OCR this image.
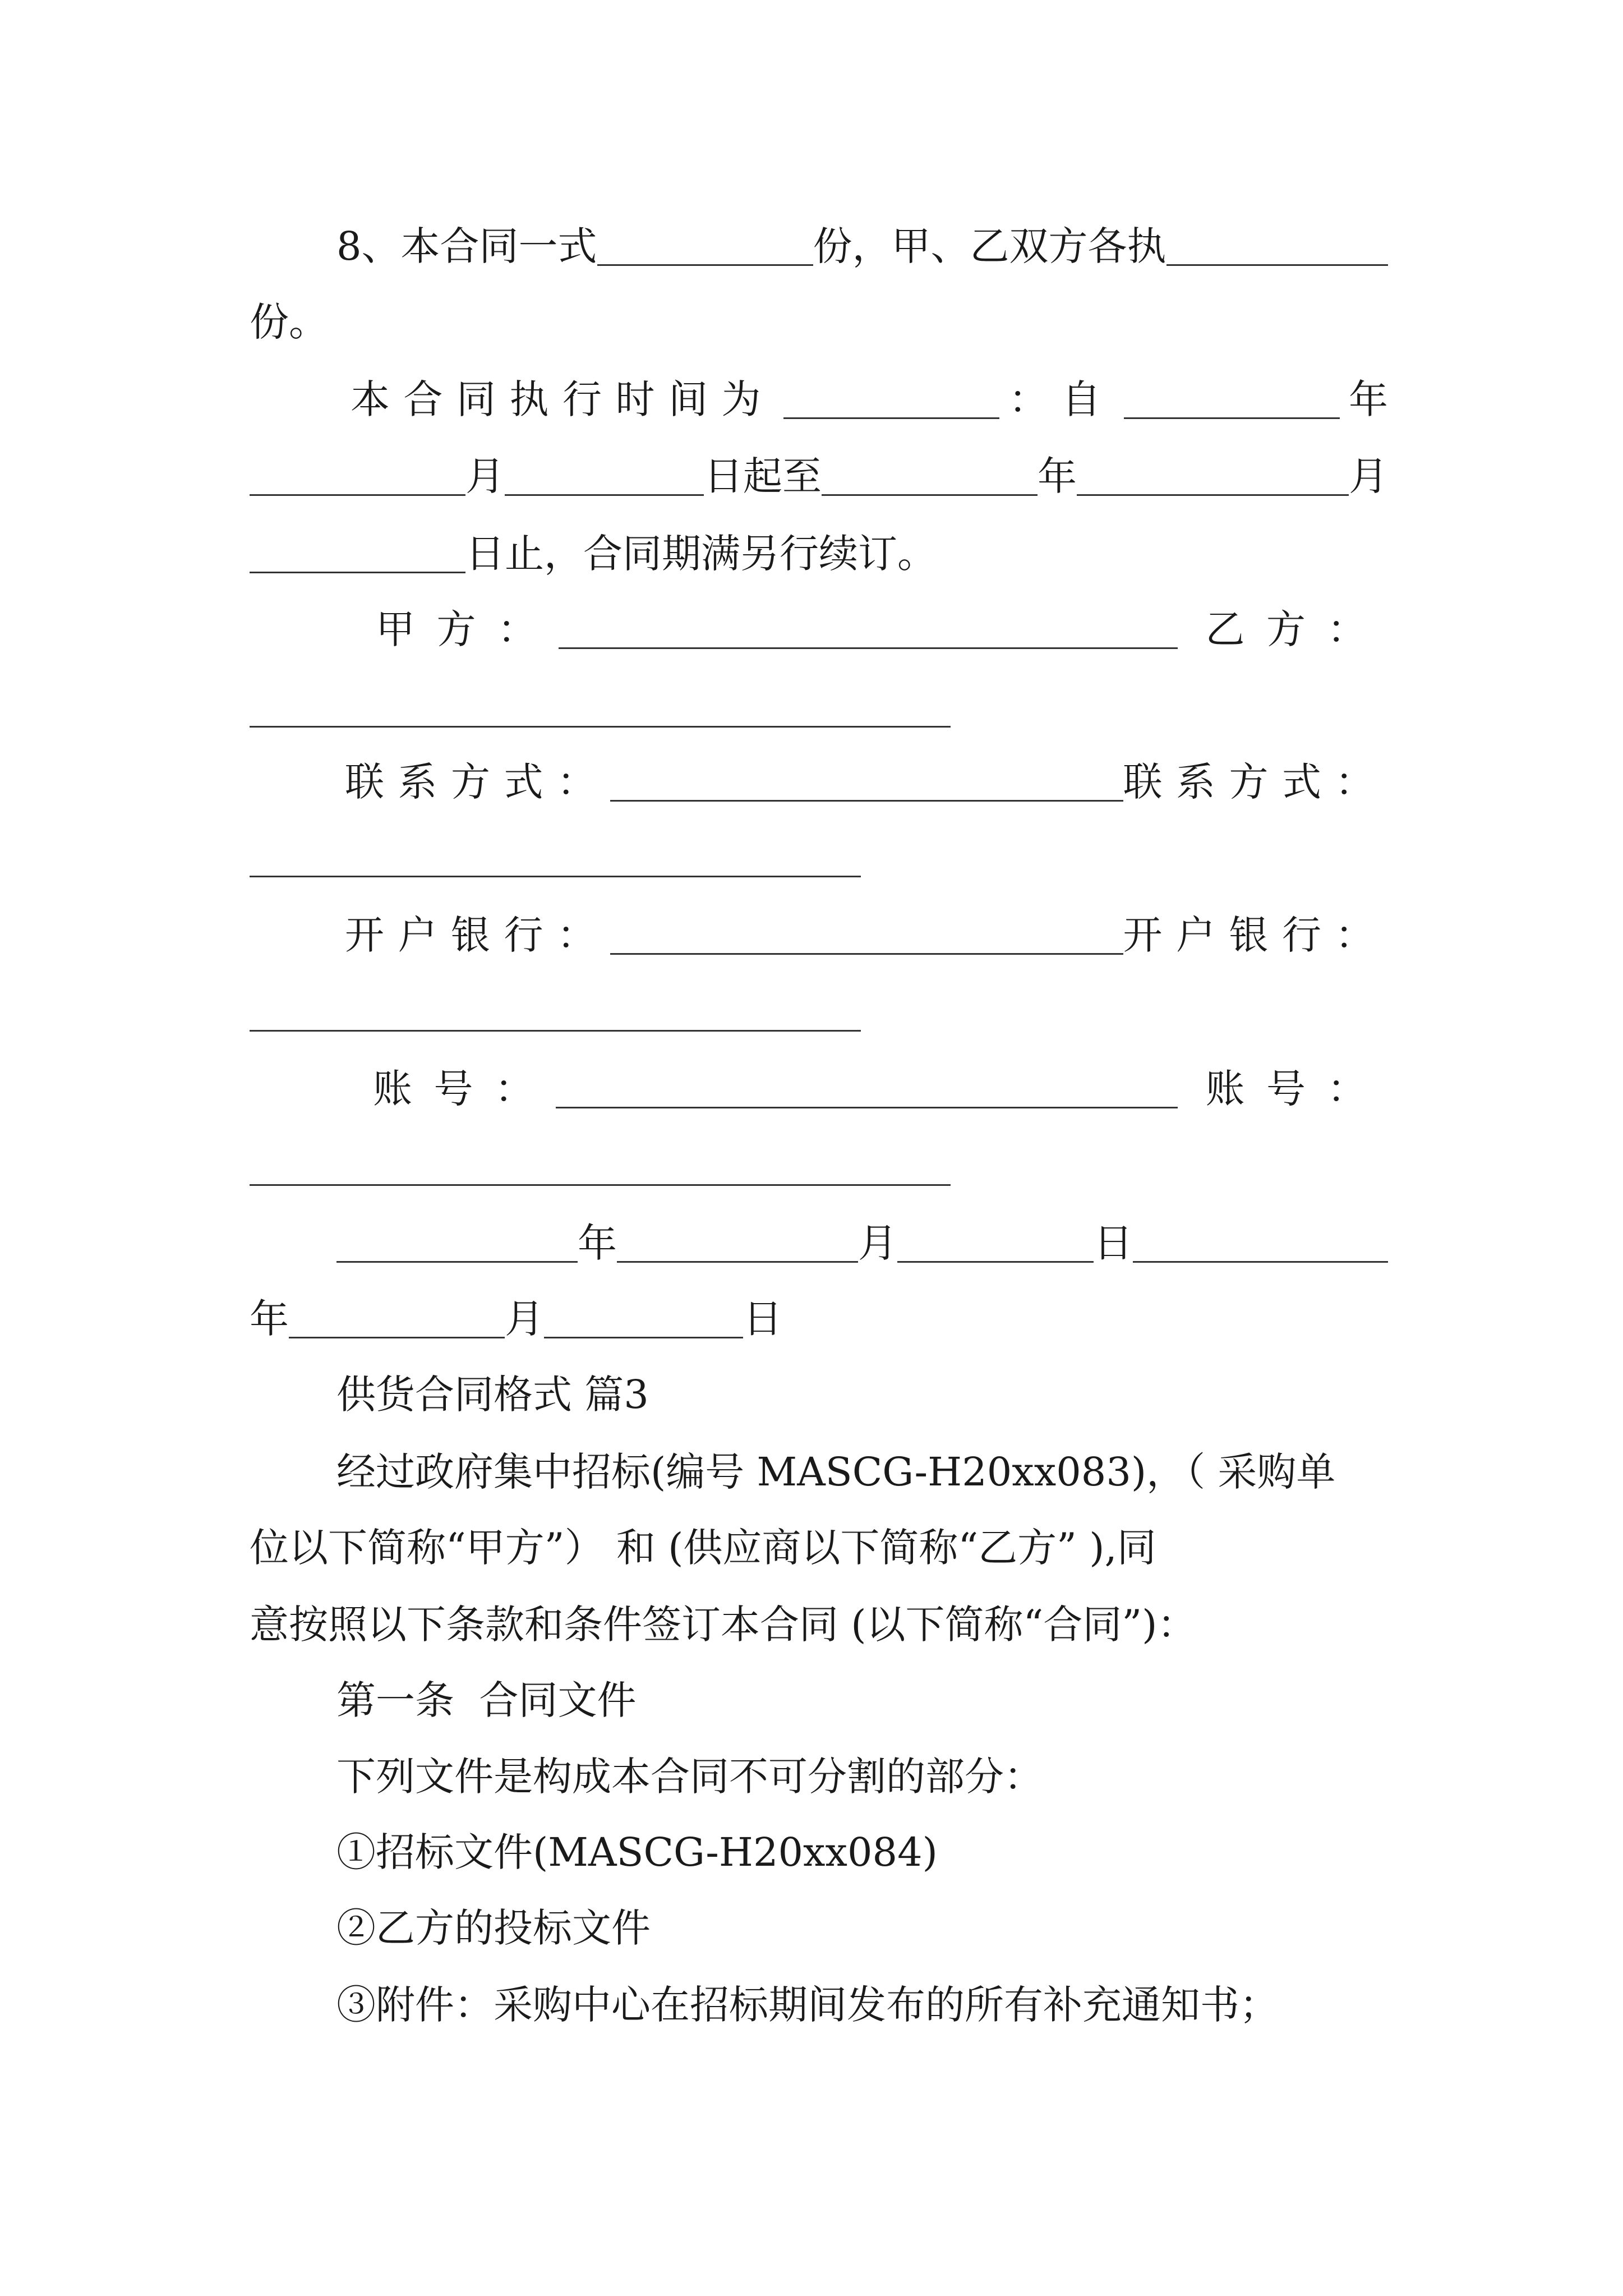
8、本合同一式	份，甲、乙双方各执
份。
本合同执行时间为	：自	年
月	日起至	年	月
日止，合同期满另行续订。
甲方：	乙方：
联系方式：	联系方式：
开户银行：	开户银行：
账号：	账号：
年	月	日
年	月	日
供货合同格式 篇3
经过政府集中招标(编号 MASCG-H20xx083)，（ 采购单
位以下简称“甲方”） 和 (供应商以下简称“乙方” ),同
意按照以下条款和条件签订本合同 (以下简称“合同”)：
第一条  合同文件
下列文件是构成本合同不可分割的部分：
①招标文件(MASCG-H20xx084)
②乙方的投标文件
③附件：采购中心在招标期间发布的所有补充通知书；
